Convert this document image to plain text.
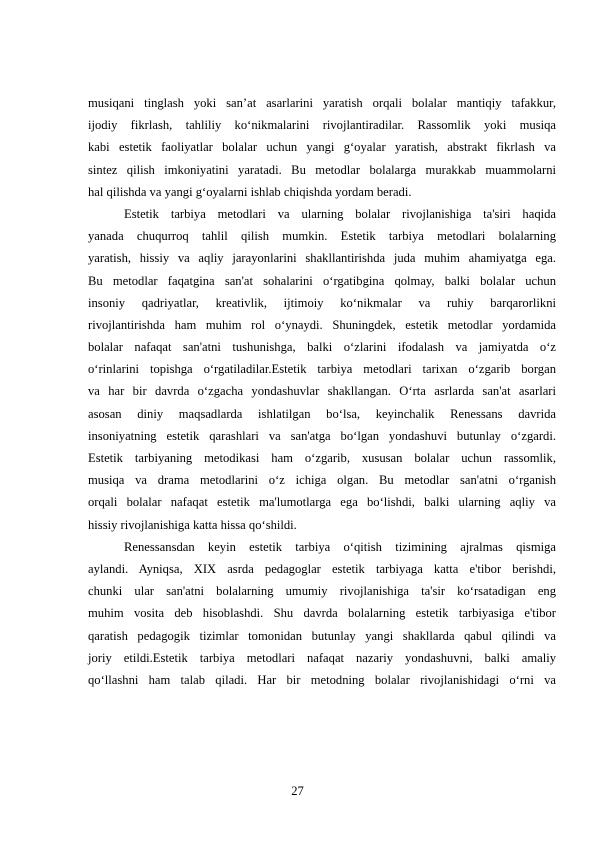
musiqani tinglash yoki san’at asarlarini yaratish orqali bolalar mantiqiy tafakkur,
ijodiy fikrlash, tahliliy ko‘nikmalarini rivojlantiradilar. Rassomlik yoki musiqa
kabi estetik faoliyatlar bolalar uchun yangi g‘oyalar yaratish, abstrakt fikrlash va
sintez qilish imkoniyatini yaratadi. Bu metodlar bolalarga murakkab muammolarni
hal qilishda va yangi g‘oyalarni ishlab chiqishda yordam beradi.
Estetik tarbiya metodlari va ularning bolalar rivojlanishiga ta'siri haqida
yanada chuqurroq tahlil qilish mumkin. Estetik tarbiya metodlari bolalarning
yaratish, hissiy va aqliy jarayonlarini shakllantirishda juda muhim ahamiyatga ega.
Bu metodlar faqatgina san'at sohalarini o‘rgatibgina qolmay, balki bolalar uchun
insoniy qadriyatlar, kreativlik, ijtimoiy ko‘nikmalar va ruhiy barqarorlikni
rivojlantirishda ham muhim rol o‘ynaydi. Shuningdek, estetik metodlar yordamida
bolalar nafaqat san'atni tushunishga, balki o‘zlarini ifodalash va jamiyatda o‘z
o‘rinlarini topishga o‘rgatiladilar.Estetik tarbiya metodlari tarixan o‘zgarib borgan
va har bir davrda o‘zgacha yondashuvlar shakllangan. O‘rta asrlarda san'at asarlari
asosan diniy maqsadlarda ishlatilgan bo‘lsa, keyinchalik Renessans davrida
insoniyatning estetik qarashlari va san'atga bo‘lgan yondashuvi butunlay o‘zgardi.
Estetik tarbiyaning metodikasi ham o‘zgarib, xususan bolalar uchun rassomlik,
musiqa va drama metodlarini o‘z ichiga olgan. Bu metodlar san'atni o‘rganish
orqali bolalar nafaqat estetik ma'lumotlarga ega bo‘lishdi, balki ularning aqliy va
hissiy rivojlanishiga katta hissa qo‘shildi.
Renessansdan keyin estetik tarbiya o‘qitish tizimining ajralmas qismiga
aylandi. Ayniqsa, XIX asrda pedagoglar estetik tarbiyaga katta e'tibor berishdi,
chunki ular san'atni bolalarning umumiy rivojlanishiga ta'sir ko‘rsatadigan eng
muhim vosita deb hisoblashdi. Shu davrda bolalarning estetik tarbiyasiga e'tibor
qaratish pedagogik tizimlar tomonidan butunlay yangi shakllarda qabul qilindi va
joriy etildi.Estetik tarbiya metodlari nafaqat nazariy yondashuvni, balki amaliy
qo‘llashni ham talab qiladi. Har bir metodning bolalar rivojlanishidagi o‘rni va
27
